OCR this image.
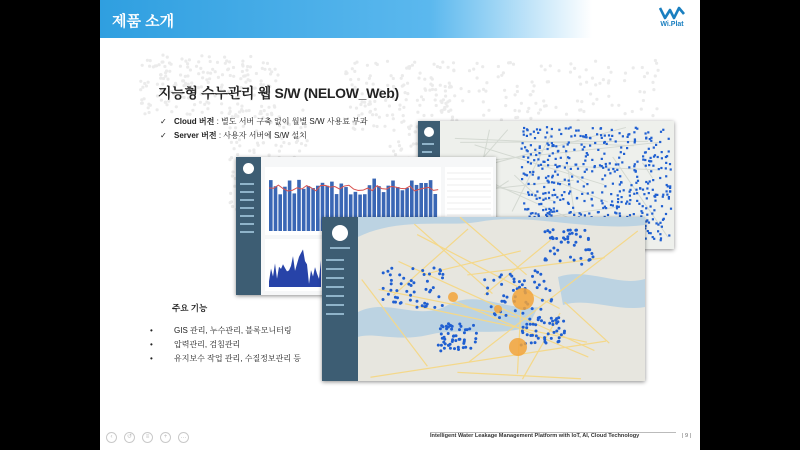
제품 소개	Wi.Plat
지능형 수누관리 웹 S/W (NELOW_Web)
✓ Cloud 버전 : 별도 서버 구축 없이 월별 S/W 사용료 부과
✓ Server 버전 : 사용자 서버에 S/W 설치
주요 기능
•	GIS 관리, 누수관리, 블록모니터링
•	압력관리, 검침관리
•	유지보수 작업 관리, 수질정보관리 등
‹	↺	≡	+	…	Intelligent Water Leakage Management Platform with IoT, AI, Cloud Technology	| 9 |
